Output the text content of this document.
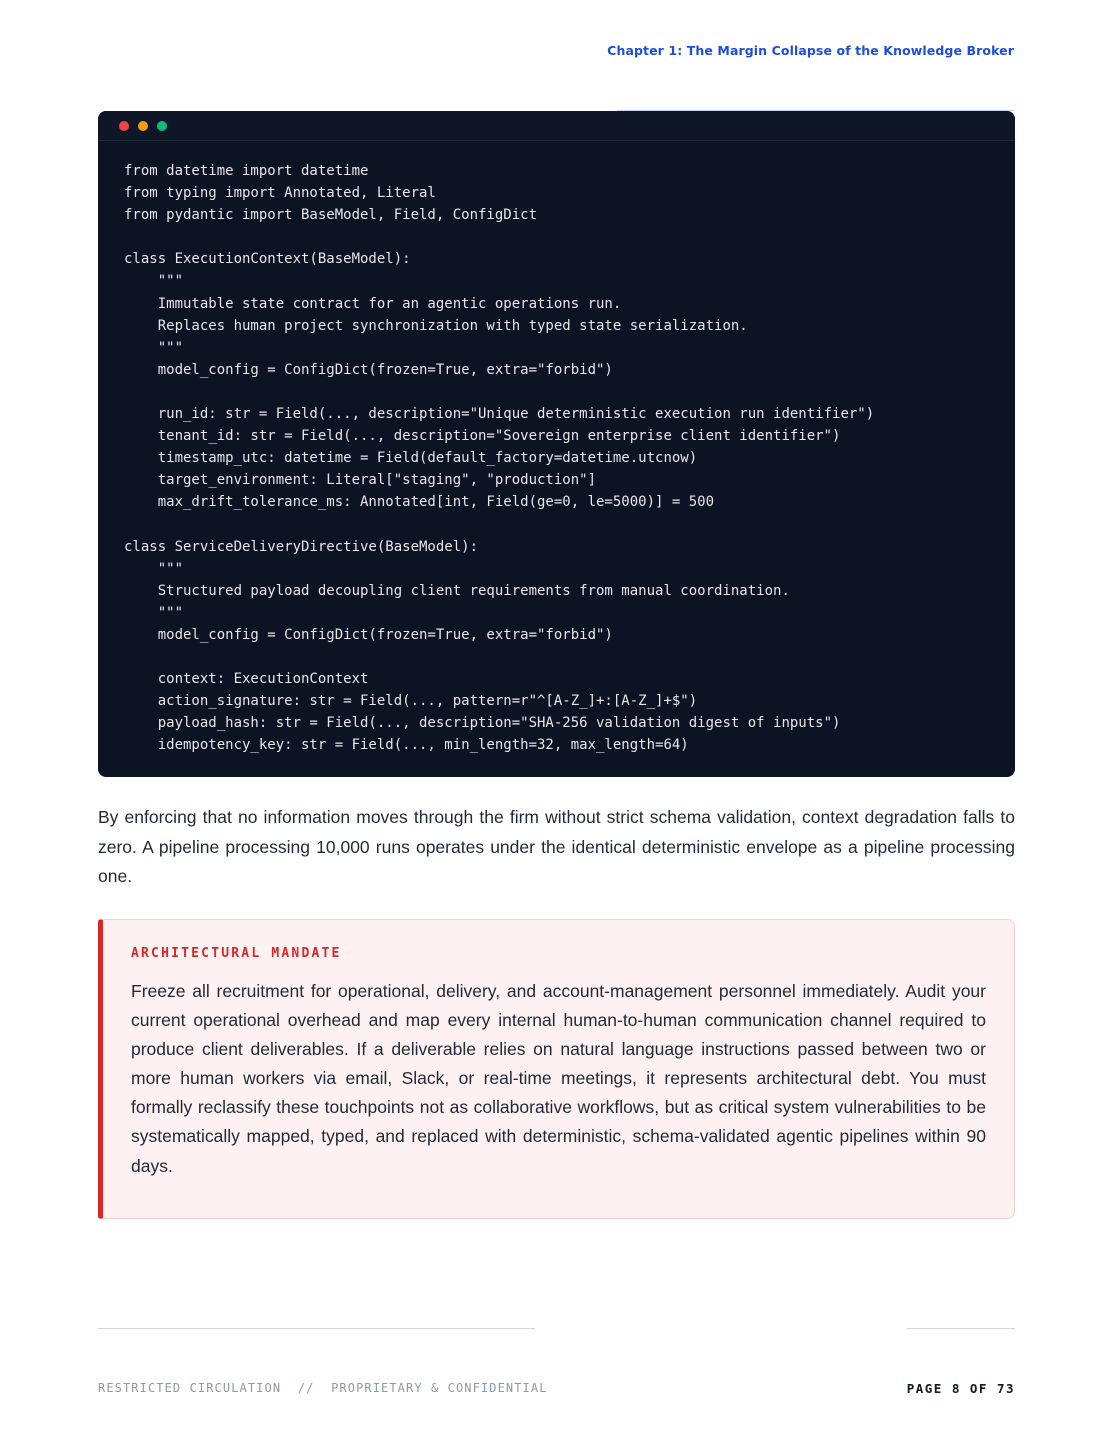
Chapter 1: The Margin Collapse of the Knowledge Broker
from datetime import datetime
from typing import Annotated, Literal
from pydantic import BaseModel, Field, ConfigDict

class ExecutionContext(BaseModel):
"""
Immutable state contract for an agentic operations run.
Replaces human project synchronization with typed state serialization.
"""
model_config = ConfigDict(frozen=True, extra="forbid")

run_id: str = Field(..., description="Unique deterministic execution run identifier")
tenant_id: str = Field(..., description="Sovereign enterprise client identifier")
timestamp_utc: datetime = Field(default_factory=datetime.utcnow)
target_environment: Literal["staging", "production"]
max_drift_tolerance_ms: Annotated[int, Field(ge=0, le=5000)] = 500

class ServiceDeliveryDirective(BaseModel):
"""
Structured payload decoupling client requirements from manual coordination.
"""
model_config = ConfigDict(frozen=True, extra="forbid")

context: ExecutionContext
action_signature: str = Field(..., pattern=r"^[A-Z_]+:[A-Z_]+$")
payload_hash: str = Field(..., description="SHA-256 validation digest of inputs")
idempotency_key: str = Field(..., min_length=32, max_length=64)

By enforcing that no information moves through the firm without strict schema validation, context degradation falls to zero. A pipeline processing 10,000 runs operates under the identical deterministic envelope as a pipeline processing one.

ARCHITECTURAL MANDATE

Freeze all recruitment for operational, delivery, and account-management personnel immediately. Audit your current operational overhead and map every internal human-to-human communication channel required to produce client deliverables. If a deliverable relies on natural language instructions passed between two or more human workers via email, Slack, or real-time meetings, it represents architectural debt. You must formally reclassify these touchpoints not as collaborative workflows, but as critical system vulnerabilities to be systematically mapped, typed, and replaced with deterministic, schema-validated agentic pipelines within 90 days.

RESTRICTED CIRCULATION  //  PROPRIETARY & CONFIDENTIAL	PAGE 8 OF 73
